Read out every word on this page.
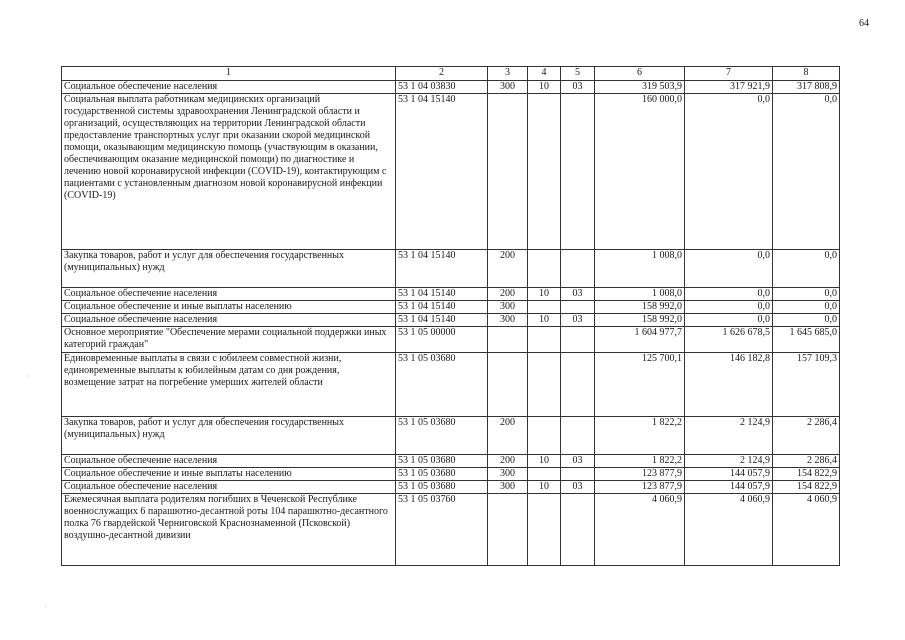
64
1	2	3	4	5	6	7	8
Социальное обеспечение населения	53 1 04 03830	300	10	03	319 503,9	317 921,9	317 808,9
Социальная выплата работникам медицинских организаций государственной системы здравоохранения Ленинградской области и организаций, осуществляющих на территории Ленинградской области предоставление транспортных услуг при оказании скорой медицинской помощи, оказывающим медицинскую помощь (участвующим в оказании, обеспечивающим оказание медицинской помощи) по диагностике и лечению новой коронавирусной инфекции (COVID-19), контактирующим с пациентами с установленным диагнозом новой коронавирусной инфекции (COVID-19)	53 1 04 15140				160 000,0	0,0	0,0
Закупка товаров, работ и услуг для обеспечения государственных (муниципальных) нужд	53 1 04 15140	200			1 008,0	0,0	0,0
Социальное обеспечение населения	53 1 04 15140	200	10	03	1 008,0	0,0	0,0
Социальное обеспечение и иные выплаты населению	53 1 04 15140	300			158 992,0	0,0	0,0
Социальное обеспечение населения	53 1 04 15140	300	10	03	158 992,0	0,0	0,0
Основное мероприятие "Обеспечение мерами социальной поддержки иных категорий граждан"	53 1 05 00000				1 604 977,7	1 626 678,5	1 645 685,0
Единовременные выплаты в связи с юбилеем совместной жизни, единовременные выплаты к юбилейным датам со дня рождения, возмещение затрат на погребение умерших жителей области	53 1 05 03680				125 700,1	146 182,8	157 109,3
Закупка товаров, работ и услуг для обеспечения государственных (муниципальных) нужд	53 1 05 03680	200			1 822,2	2 124,9	2 286,4
Социальное обеспечение населения	53 1 05 03680	200	10	03	1 822,2	2 124,9	2 286,4
Социальное обеспечение и иные выплаты населению	53 1 05 03680	300			123 877,9	144 057,9	154 822,9
Социальное обеспечение населения	53 1 05 03680	300	10	03	123 877,9	144 057,9	154 822,9
Ежемесячная выплата родителям погибших в Чеченской Республике военнослужащих 6 парашютно-десантной роты 104 парашютно-десантного полка 76 гвардейской Черниговской Краснознаменной (Псковской) воздушно-десантной дивизии	53 1 05 03760				4 060,9	4 060,9	4 060,9
·
·
